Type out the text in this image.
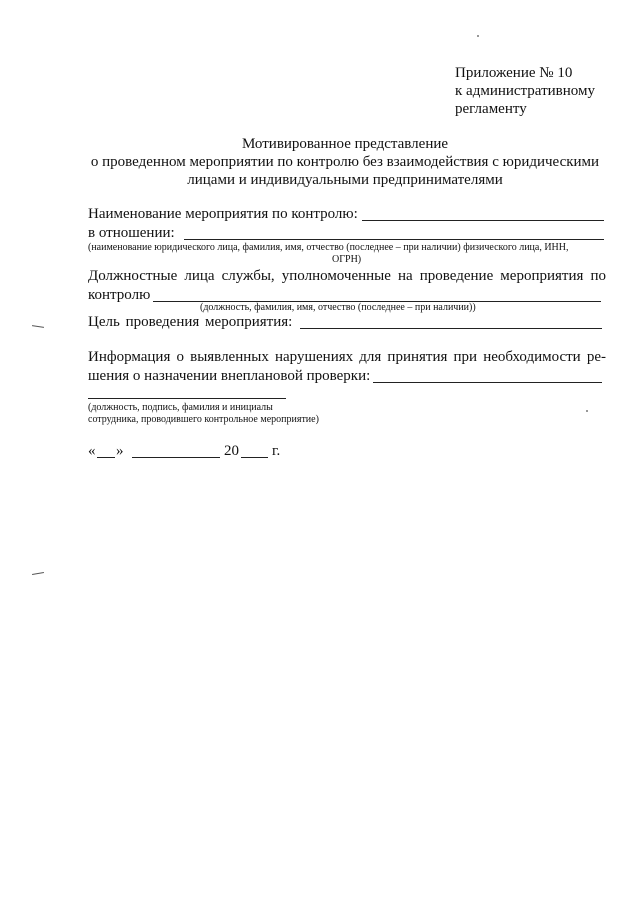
Приложение № 10
к административному
регламенту
Мотивированное представление
о проведенном мероприятии по контролю без взаимодействия с юридическими
лицами и индивидуальными предпринимателями
Наименование мероприятия по контролю:
в отношении:
(наименование юридического лица, фамилия, имя, отчество (последнее – при наличии) физического лица, ИНН,
ОГРН)
Должностные лица службы, уполномоченные на проведение мероприятия по
контролю
(должность, фамилия, имя, отчество (последнее – при наличии))
Цель проведения мероприятия:
Информация о выявленных нарушениях для принятия при необходимости ре-
шения о назначении внеплановой проверки:
(должность, подпись, фамилия и инициалы
сотрудника, проводившего контрольное мероприятие)
« »	20 г.
